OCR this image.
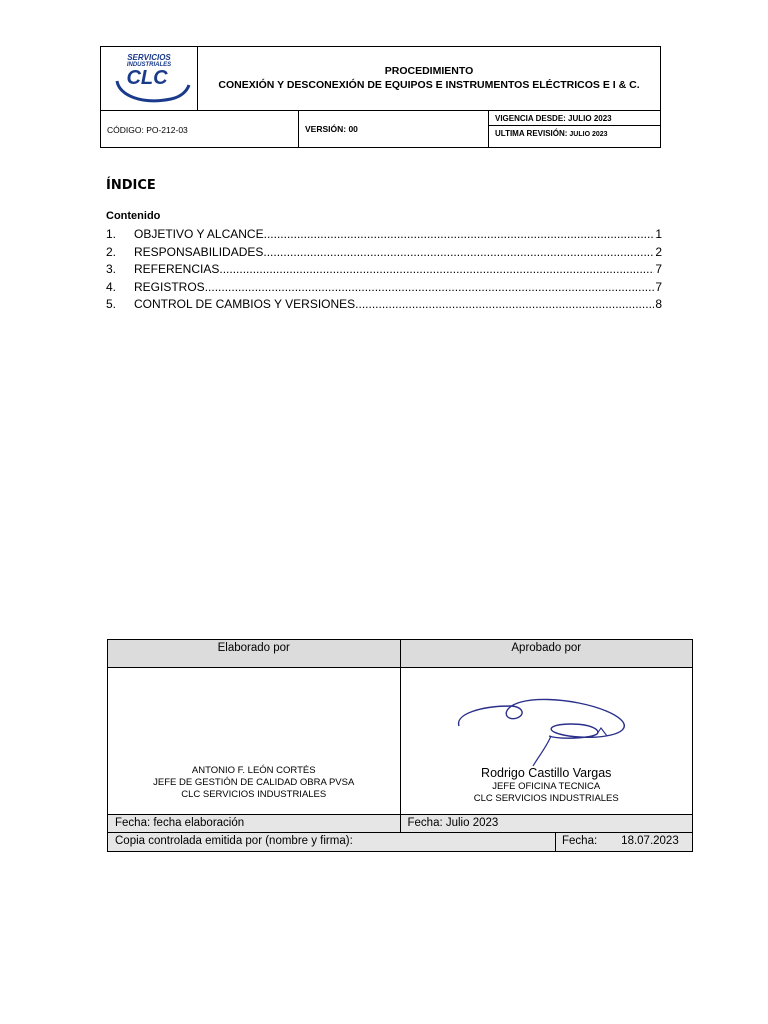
SERVICIOS
INDUSTRIALES
CLC	PROCEDIMIENTO
CONEXIÓN Y DESCONEXIÓN DE EQUIPOS E INSTRUMENTOS ELÉCTRICOS E I & C.
CÓDIGO: PO-212-03	VERSIÓN: 00
VIGENCIA DESDE: JULIO 2023
ULTIMA REVISIÓN: JULIO 2023
ÍNDICE
Contenido
1.	OBJETIVO Y ALCANCE .....	1
2.	RESPONSABILIDADES .....	2
3.	REFERENCIAS .....	7
4.	REGISTROS .....	7
5.	CONTROL DE CAMBIOS Y VERSIONES .....	8
Elaborado por	Aprobado por
ANTONIO F. LEÓN CORTÉS
JEFE DE GESTIÓN DE CALIDAD OBRA PVSA
CLC SERVICIOS INDUSTRIALES
Rodrigo Castillo Vargas
JEFE OFICINA TECNICA
CLC SERVICIOS INDUSTRIALES
Fecha: fecha elaboración	Fecha: Julio 2023
Copia controlada emitida por (nombre y firma):	Fecha: 18.07.2023
